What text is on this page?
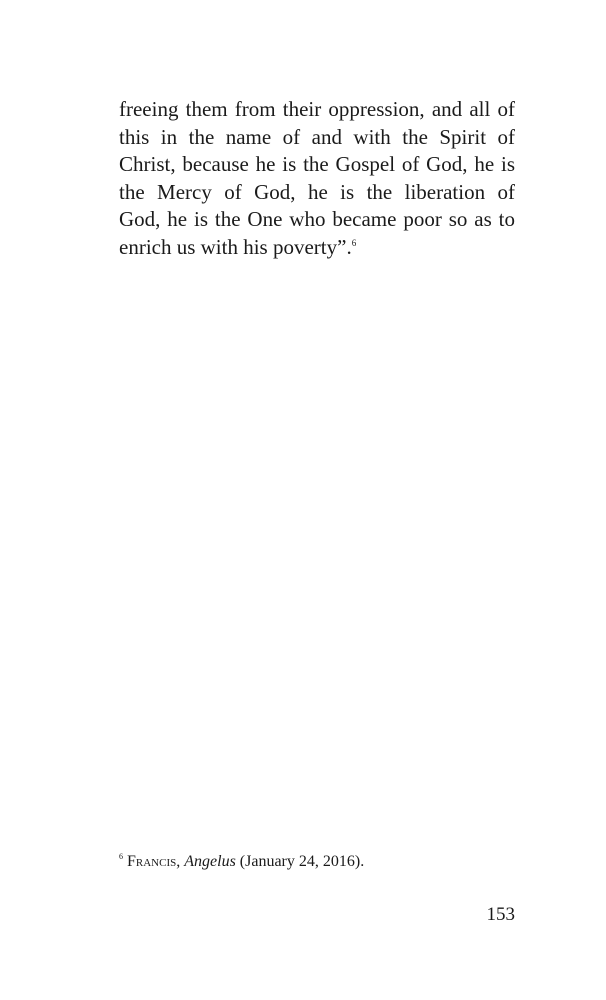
freeing them from their oppression, and all of
this in the name of and with the Spirit of
Christ, because he is the Gospel of God, he is
the Mercy of God, he is the liberation of
God, he is the One who became poor so as to
enrich us with his poverty”.$^6$

$^6$ Francis, Angelus (January 24, 2016).

153
